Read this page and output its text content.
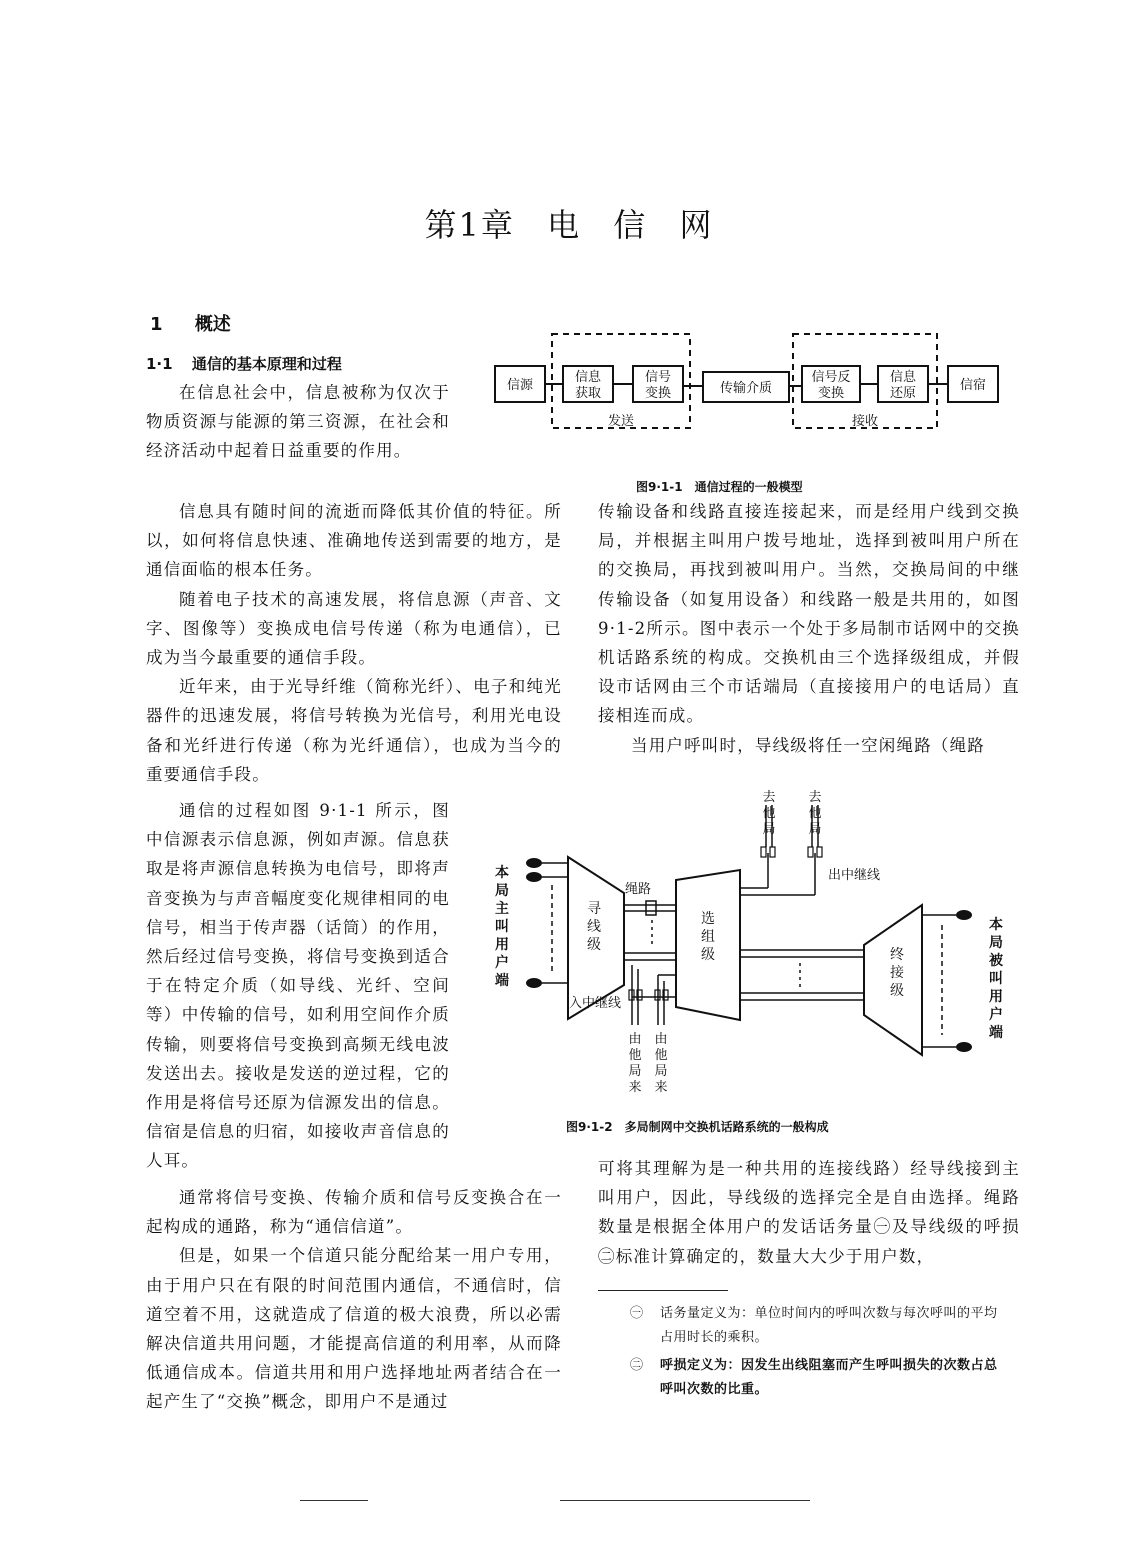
第1章 电 信 网
1 概述
1·1 通信的基本原理和过程

在信息社会中，信息被称为仅次于物质资源与能源的第三资源，在社会和经济活动中起着日益重要的作用。

信息具有随时间的流逝而降低其价值的特征。所以，如何将信息快速、准确地传送到需要的地方，是通信面临的根本任务。

随着电子技术的高速发展，将信息源（声音、文字、图像等）变换成电信号传递（称为电通信），已成为当今最重要的通信手段。

近年来，由于光导纤维（简称光纤）、电子和纯光器件的迅速发展，将信号转换为光信号，利用光电设备和光纤进行传递（称为光纤通信），也成为当今的重要通信手段。

通信的过程如图 9·1-1 所示，图中信源表示信息源，例如声源。信息获取是将声源信息转换为电信号，即将声音变换为与声音幅度变化规律相同的电信号，相当于传声器（话筒）的作用，然后经过信号变换，将信号变换到适合于在特定介质（如导线、光纤、空间等）中传输的信号，如利用空间作介质传输，则要将信号变换到高频无线电波发送出去。接收是发送的逆过程，它的作用是将信号还原为信源发出的信息。信宿是信息的归宿，如接收声音信息的人耳。

通常将信号变换、传输介质和信号反变换合在一起构成的通路，称为“通信信道”。

但是，如果一个信道只能分配给某一用户专用，由于用户只在有限的时间范围内通信，不通信时，信道空着不用，这就造成了信道的极大浪费，所以必需解决信道共用问题，才能提高信道的利用率，从而降低通信成本。信道共用和用户选择地址两者结合在一起产生了“交换”概念，即用户不是通过

传输设备和线路直接连接起来，而是经用户线到交换局，并根据主叫用户拨号地址，选择到被叫用户所在的交换局，再找到被叫用户。当然，交换局间的中继传输设备（如复用设备）和线路一般是共用的，如图9·1-2所示。图中表示一个处于多局制市话网中的交换机话路系统的构成。交换机由三个选择级组成，并假设市话网由三个市话端局（直接接用户的电话局）直接相连而成。

当用户呼叫时，导线级将任一空闲绳路（绳路

可将其理解为是一种共用的连接线路）经导线接到主叫用户，因此，导线级的选择完全是自由选择。绳路数量是根据全体用户的发话话务量㊀及导线级的呼损㊁标准计算确定的，数量大大少于用户数，

㊀ 话务量定义为：单位时间内的呼叫次数与每次呼叫的平均占用时长的乘积。
㊁ 呼损定义为：因发生出线阻塞而产生呼叫损失的次数占总呼叫次数的比重。
信源
信息
获取
信号
变换	传输介质
信号反
变换
信息
还原
信宿
发送	接收
图9·1-1　通信过程的一般模型
本
局
主
叫
用
户
端
本
局
被
叫
用
户
端
寻
线
级
选
组
级	终
接
级
绳路
去
他
局
去
他
局
出中继线
入中继线
由
他
局
来
由
他
局
来
图9·1-2　多局制网中交换机话路系统的一般构成
